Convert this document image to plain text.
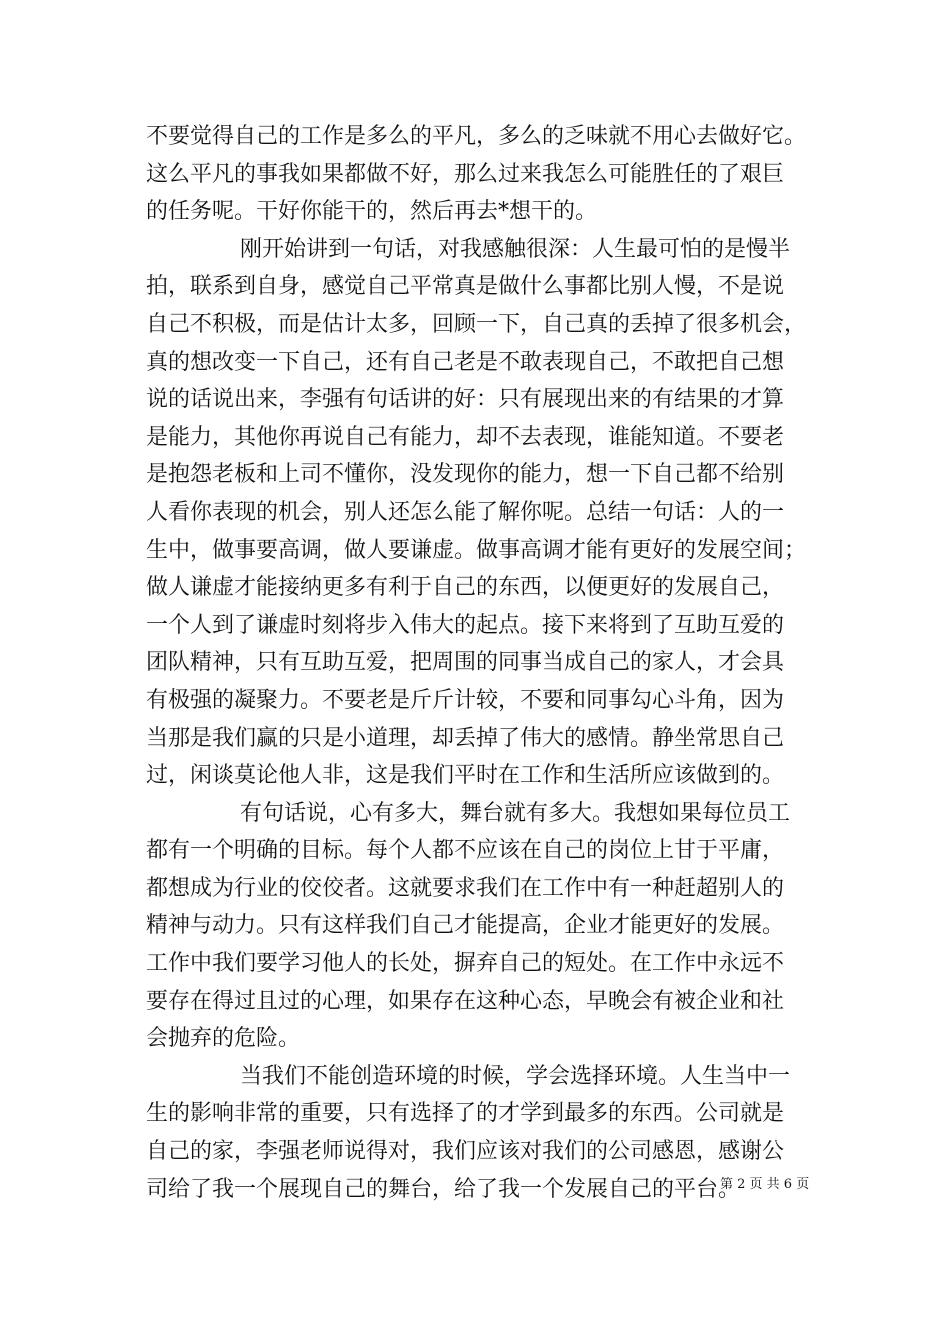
不要觉得自己的工作是多么的平凡，多么的乏味就不用心去做好它。
这么平凡的事我如果都做不好，那么过来我怎么可能胜任的了艰巨
的任务呢。干好你能干的，然后再去*想干的。
刚开始讲到一句话，对我感触很深：人生最可怕的是慢半
拍，联系到自身，感觉自己平常真是做什么事都比别人慢，不是说
自己不积极，而是估计太多，回顾一下，自己真的丢掉了很多机会，
真的想改变一下自己，还有自己老是不敢表现自己，不敢把自己想
说的话说出来，李强有句话讲的好：只有展现出来的有结果的才算
是能力，其他你再说自己有能力，却不去表现，谁能知道。不要老
是抱怨老板和上司不懂你，没发现你的能力，想一下自己都不给别
人看你表现的机会，别人还怎么能了解你呢。总结一句话：人的一
生中，做事要高调，做人要谦虚。做事高调才能有更好的发展空间；
做人谦虚才能接纳更多有利于自己的东西，以便更好的发展自己，
一个人到了谦虚时刻将步入伟大的起点。接下来将到了互助互爱的
团队精神，只有互助互爱，把周围的同事当成自己的家人，才会具
有极强的凝聚力。不要老是斤斤计较，不要和同事勾心斗角，因为
当那是我们赢的只是小道理，却丢掉了伟大的感情。静坐常思自己
过，闲谈莫论他人非，这是我们平时在工作和生活所应该做到的。
有句话说，心有多大，舞台就有多大。我想如果每位员工
都有一个明确的目标。每个人都不应该在自己的岗位上甘于平庸，
都想成为行业的佼佼者。这就要求我们在工作中有一种赶超别人的
精神与动力。只有这样我们自己才能提高，企业才能更好的发展。
工作中我们要学习他人的长处，摒弃自己的短处。在工作中永远不
要存在得过且过的心理，如果存在这种心态，早晚会有被企业和社
会抛弃的危险。
当我们不能创造环境的时候，学会选择环境。人生当中一
生的影响非常的重要，只有选择了的才学到最多的东西。公司就是
自己的家，李强老师说得对，我们应该对我们的公司感恩，感谢公
司给了我一个展现自己的舞台，给了我一个发展自己的平台。
第 2 页 共 6 页
